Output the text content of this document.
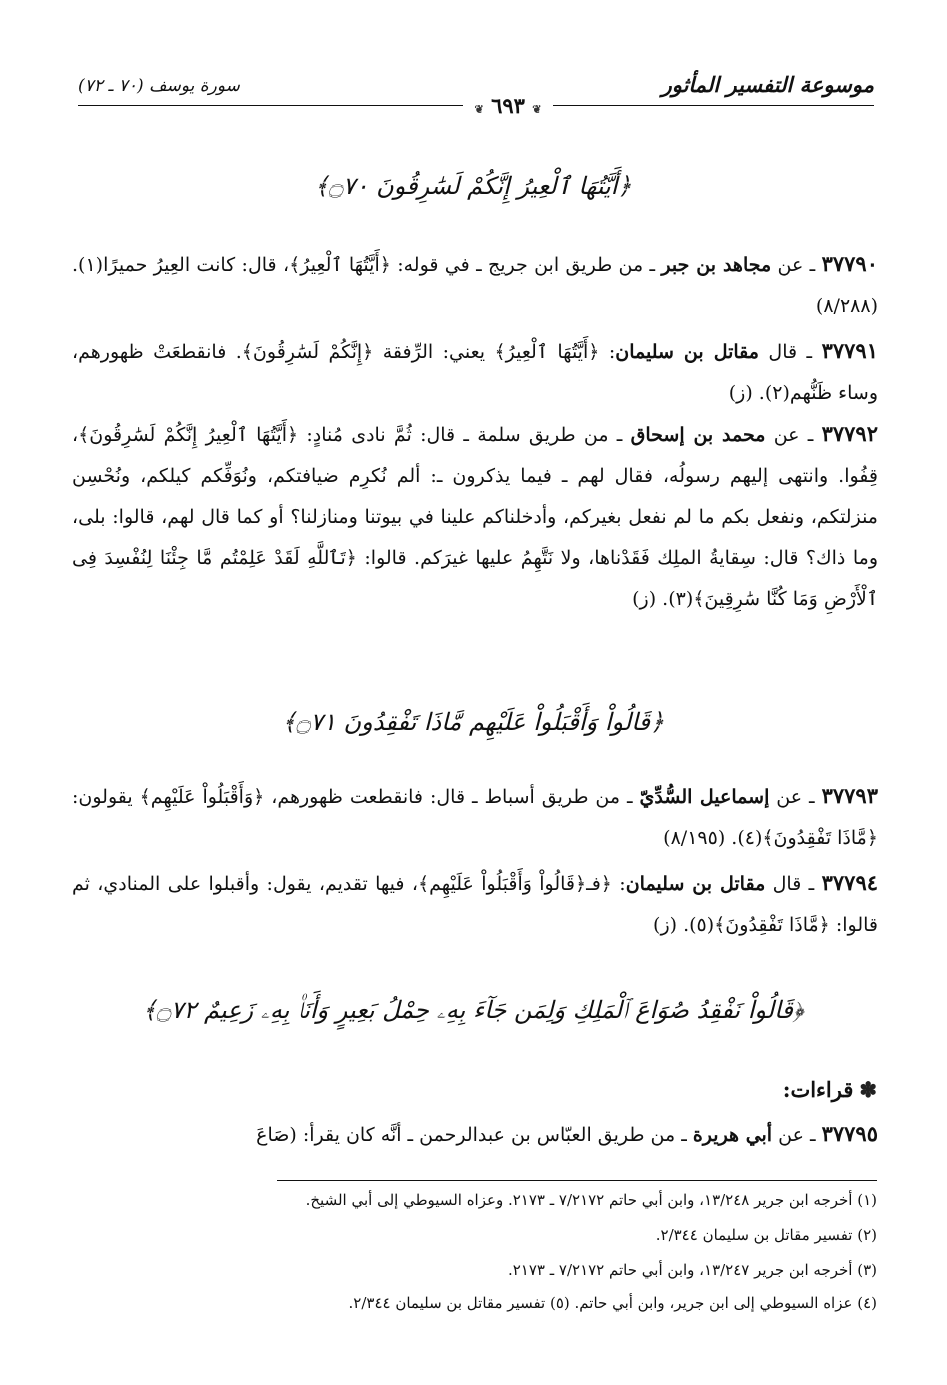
موسوعة التفسير المأثور
سورة يوسف (٧٠ ـ ٧٢)
❦ ٦٩٣ ❦
﴿أَيَّتُهَا ٱلْعِيرُ إِنَّكُمْ لَسَٰرِقُونَ ۝٧٠﴾
٣٧٧٩٠ ـ عن مجاهد بن جبر ـ من طريق ابن جريج ـ في قوله: ﴿أَيَّتُهَا ٱلْعِيرُ﴾، قال: كانت العِيرُ حميرًا(١). (٨/٢٨٨)
٣٧٧٩١ ـ قال مقاتل بن سليمان: ﴿أَيَّتُهَا ٱلْعِيرُ﴾ يعني: الرِّفقة ﴿إِنَّكُمْ لَسَٰرِقُونَ﴾. فانقطعَتْ ظهورهم، وساء ظَنُّهم(٢). (ز)
٣٧٧٩٢ ـ عن محمد بن إسحاق ـ من طريق سلمة ـ قال: ثُمَّ نادى مُنادٍ: ﴿أَيَّتُهَا ٱلْعِيرُ إِنَّكُمْ لَسَٰرِقُونَ﴾، قِفُوا. وانتهى إليهم رسولُه، فقال لهم ـ فيما يذكرون ـ: ألم نُكرِم ضيافتكم، ونُوَفِّكم كيلكم، ونُحْسِن منزلتكم، ونفعل بكم ما لم نفعل بغيركم، وأدخلناكم علينا في بيوتنا ومنازلنا؟ أو كما قال لهم، قالوا: بلى، وما ذاك؟ قال: سِقايةُ الملِك فَقَدْناها، ولا نَتَّهِمُ عليها غيرَكم. قالوا: ﴿تَٱللَّهِ لَقَدْ عَلِمْتُم مَّا جِئْنَا لِنُفْسِدَ فِى ٱلْأَرْضِ وَمَا كُنَّا سَٰرِقِينَ﴾(٣). (ز)
﴿قَالُواْ وَأَقْبَلُواْ عَلَيْهِم مَّاذَا تَفْقِدُونَ ۝٧١﴾
٣٧٧٩٣ ـ عن إسماعيل السُّدِّيّ ـ من طريق أسباط ـ قال: فانقطعت ظهورهم، ﴿وَأَقْبَلُواْ عَلَيْهِم﴾ يقولون: ﴿مَّاذَا تَفْقِدُونَ﴾(٤). (٨/١٩٥)
٣٧٧٩٤ ـ قال مقاتل بن سليمان: ﴿فـ﴿قَالُواْ وَأَقْبَلُواْ عَلَيْهِم﴾، فيها تقديم، يقول: وأقبلوا على المنادي، ثم قالوا: ﴿مَّاذَا تَفْقِدُونَ﴾(٥). (ز)
﴿قَالُواْ نَفْقِدُ صُوَاعَ ٱلْمَلِكِ وَلِمَن جَآءَ بِهِۦ حِمْلُ بَعِيرٍ وَأَنَا۠ بِهِۦ زَعِيمٌ ۝٧٢﴾
✽قراءات:
٣٧٧٩٥ ـ عن أبي هريرة ـ من طريق العبّاس بن عبدالرحمن ـ أنَّه كان يقرأ: (صَاعَ
(١) أخرجه ابن جرير ١٣/٢٤٨، وابن أبي حاتم ٧/٢١٧٢ ـ ٢١٧٣. وعزاه السيوطي إلى أبي الشيخ.
(٢) تفسير مقاتل بن سليمان ٢/٣٤٤.
(٣) أخرجه ابن جرير ١٣/٢٤٧، وابن أبي حاتم ٧/٢١٧٢ ـ ٢١٧٣.
(٤) عزاه السيوطي إلى ابن جرير، وابن أبي حاتم. (٥) تفسير مقاتل بن سليمان ٢/٣٤٤.
